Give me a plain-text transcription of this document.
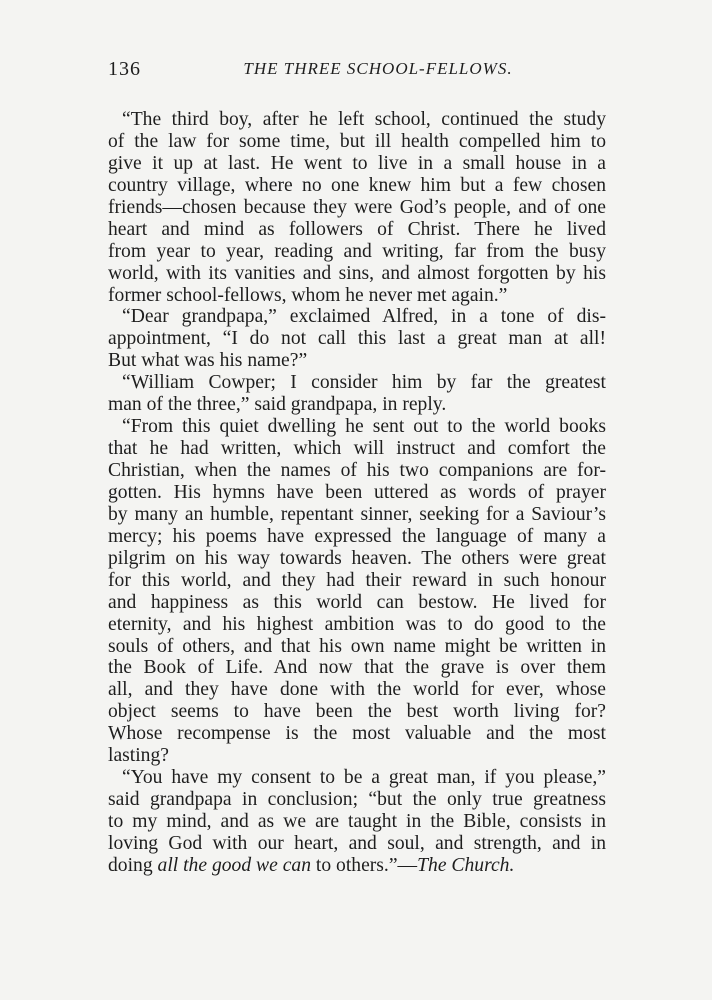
136	THE THREE SCHOOL-FELLOWS.
“The third boy, after he left school, continued the study
of the law for some time, but ill health compelled him to
give it up at last. He went to live in a small house in a
country village, where no one knew him but a few chosen
friends—chosen because they were God’s people, and of one
heart and mind as followers of Christ. There he lived
from year to year, reading and writing, far from the busy
world, with its vanities and sins, and almost forgotten by his
former school-fellows, whom he never met again.”
“Dear grandpapa,” exclaimed Alfred, in a tone of dis-
appointment, “I do not call this last a great man at all!
But what was his name?”
“William Cowper; I consider him by far the greatest
man of the three,” said grandpapa, in reply.
“From this quiet dwelling he sent out to the world books
that he had written, which will instruct and comfort the
Christian, when the names of his two companions are for-
gotten. His hymns have been uttered as words of prayer
by many an humble, repentant sinner, seeking for a Saviour’s
mercy; his poems have expressed the language of many a
pilgrim on his way towards heaven. The others were great
for this world, and they had their reward in such honour
and happiness as this world can bestow. He lived for
eternity, and his highest ambition was to do good to the
souls of others, and that his own name might be written in
the Book of Life. And now that the grave is over them
all, and they have done with the world for ever, whose
object seems to have been the best worth living for?
Whose recompense is the most valuable and the most
lasting?
“You have my consent to be a great man, if you please,”
said grandpapa in conclusion; “but the only true greatness
to my mind, and as we are taught in the Bible, consists in
loving God with our heart, and soul, and strength, and in
doing all the good we can to others.”—The Church.
